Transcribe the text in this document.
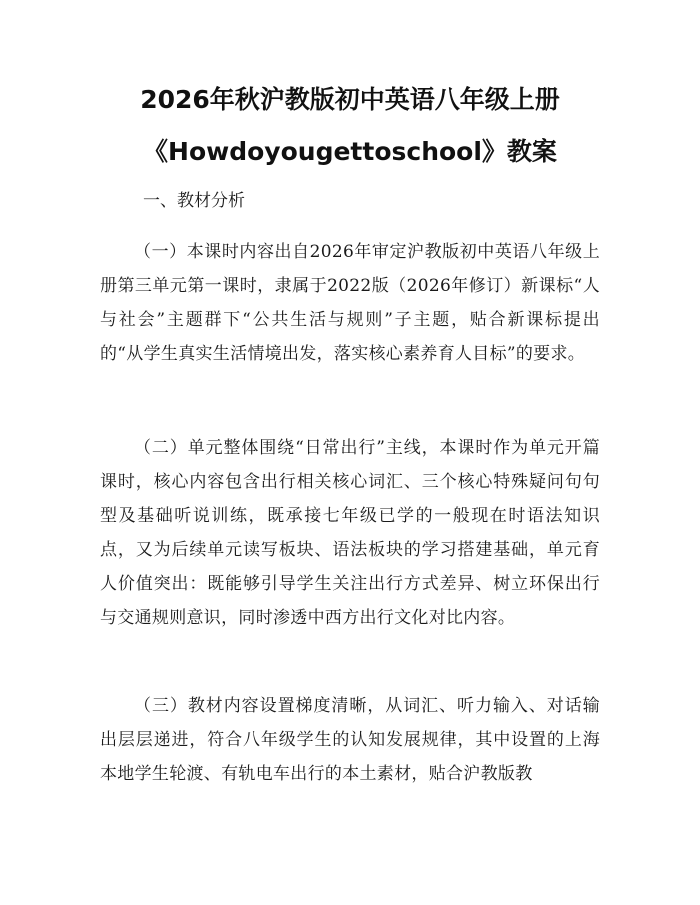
2026年秋沪教版初中英语八年级上册
《Howdoyougettoschool》教案
一、教材分析

（一）本课时内容出自2026年审定沪教版初中英语八年级上册第三单元第一课时，隶属于2022版（2026年修订）新课标“人与社会”主题群下“公共生活与规则”子主题，贴合新课标提出的“从学生真实生活情境出发，落实核心素养育人目标”的要求。

（二）单元整体围绕“日常出行”主线，本课时作为单元开篇课时，核心内容包含出行相关核心词汇、三个核心特殊疑问句句型及基础听说训练，既承接七年级已学的一般现在时语法知识点，又为后续单元读写板块、语法板块的学习搭建基础，单元育人价值突出：既能够引导学生关注出行方式差异、树立环保出行与交通规则意识，同时渗透中西方出行文化对比内容。

（三）教材内容设置梯度清晰，从词汇、听力输入、对话输出层层递进，符合八年级学生的认知发展规律，其中设置的上海本地学生轮渡、有轨电车出行的本土素材，贴合沪教版教
